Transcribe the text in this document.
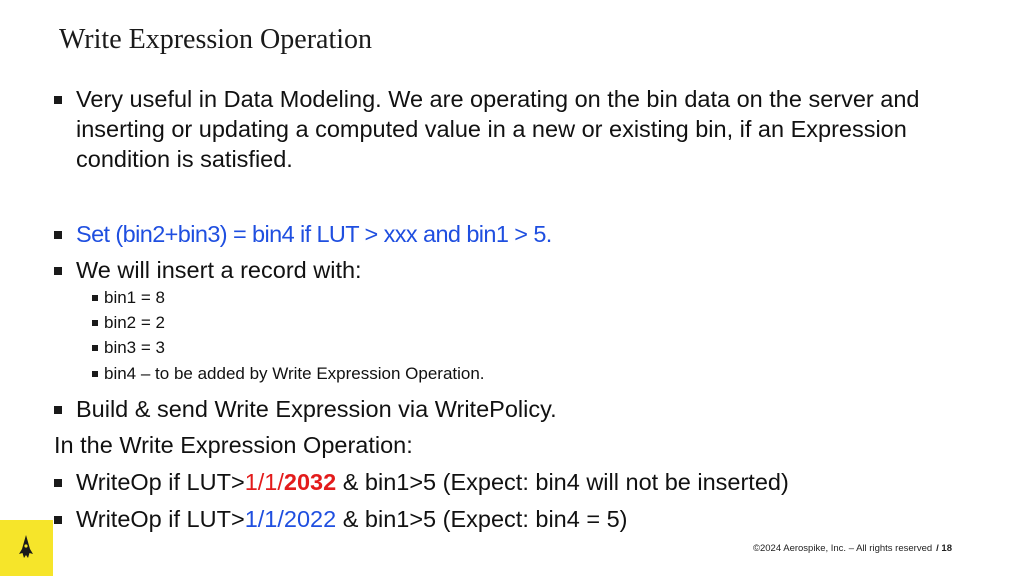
Write Expression Operation
Very useful in Data Modeling. We are operating on the bin data on the server and inserting or updating a computed value in a new or existing bin, if an Expression condition is satisfied.
Set (bin2+bin3) = bin4 if LUT > xxx and bin1 > 5.
We will insert a record with:
bin1 = 8
bin2 = 2
bin3 = 3
bin4 – to be added by Write Expression Operation.
Build & send Write Expression via WritePolicy.
In the Write Expression Operation:
WriteOp if LUT>1/1/2032 & bin1>5 (Expect: bin4 will not be inserted)
WriteOp if LUT>1/1/2022 & bin1>5 (Expect: bin4 = 5)
©2024 Aerospike, Inc. – All rights reserved / 18
